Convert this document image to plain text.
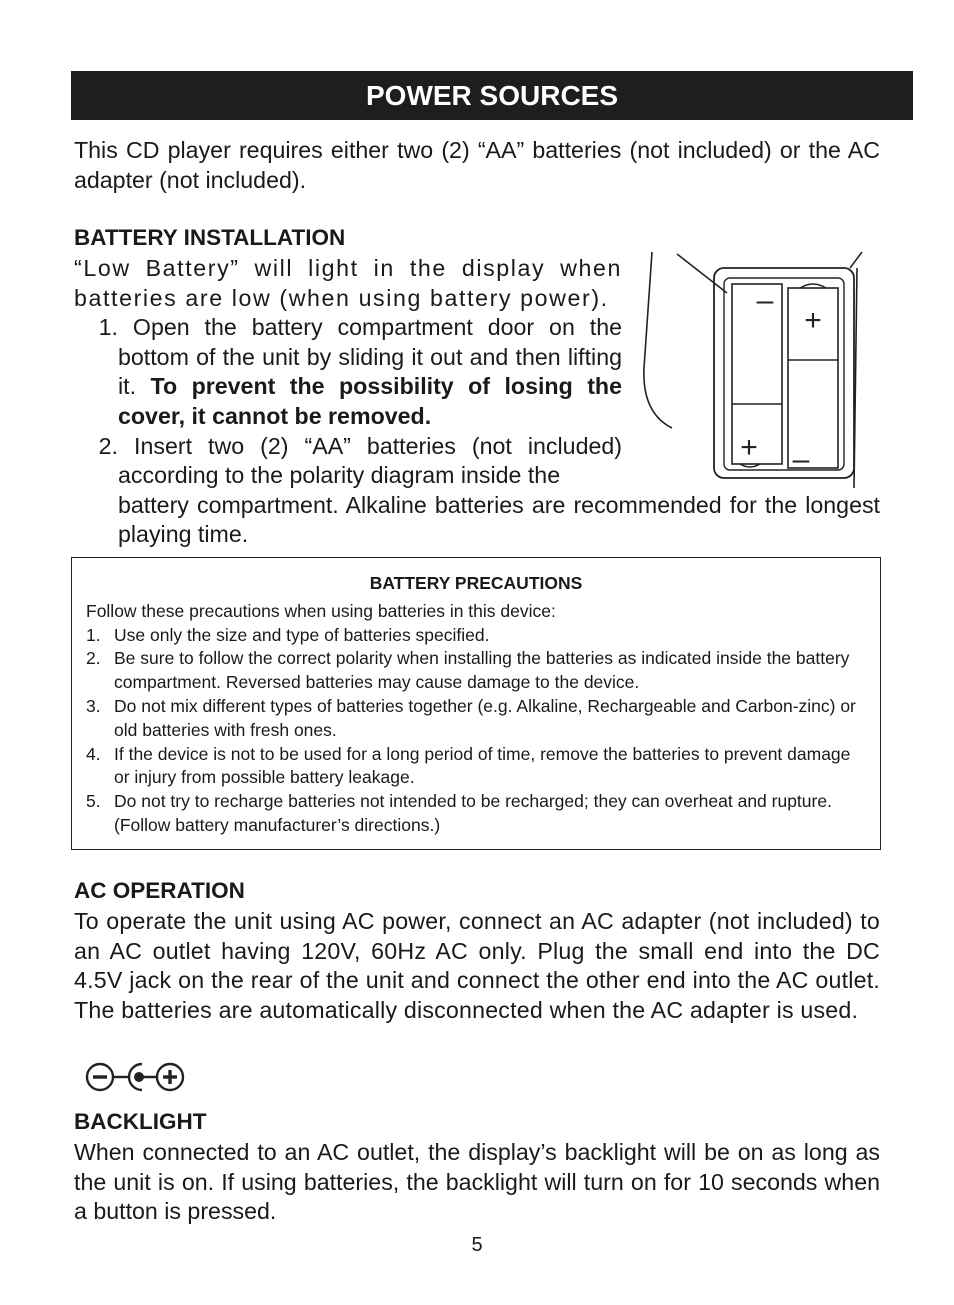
POWER SOURCES
This CD player requires either two (2) “AA” batteries (not included) or the AC adapter (not included).
BATTERY INSTALLATION
“Low Battery” will light in the display when batteries are low (when using battery power).
1. Open the battery compartment door on the bottom of the unit by sliding it out and then lifting it. To prevent the possibility of losing the cover, it cannot be removed.
2. Insert two (2) “AA” batteries (not included) according to the polarity diagram inside the
battery compartment. Alkaline batteries are recommended for the longest playing time.
–
+
+ –
BATTERY PRECAUTIONS
Follow these precautions when using batteries in this device:
1. Use only the size and type of batteries specified.
2. Be sure to follow the correct polarity when installing the batteries as indicated inside the battery compartment. Reversed batteries may cause damage to the device.
3. Do not mix different types of batteries together (e.g. Alkaline, Rechargeable and Carbon-zinc) or old batteries with fresh ones.
4. If the device is not to be used for a long period of time, remove the batteries to prevent damage or injury from possible battery leakage.
5. Do not try to recharge batteries not intended to be recharged; they can overheat and rupture. (Follow battery manufacturer’s directions.)
AC OPERATION
To operate the unit using AC power, connect an AC adapter (not included) to an AC outlet having 120V, 60Hz AC only. Plug the small end into the DC 4.5V jack on the rear of the unit and connect the other end into the AC outlet. The batteries are automatically disconnected when the AC adapter is used.
BACKLIGHT
When connected to an AC outlet, the display’s backlight will be on as long as the unit is on. If using batteries, the backlight will turn on for 10 seconds when a button is pressed.
5
